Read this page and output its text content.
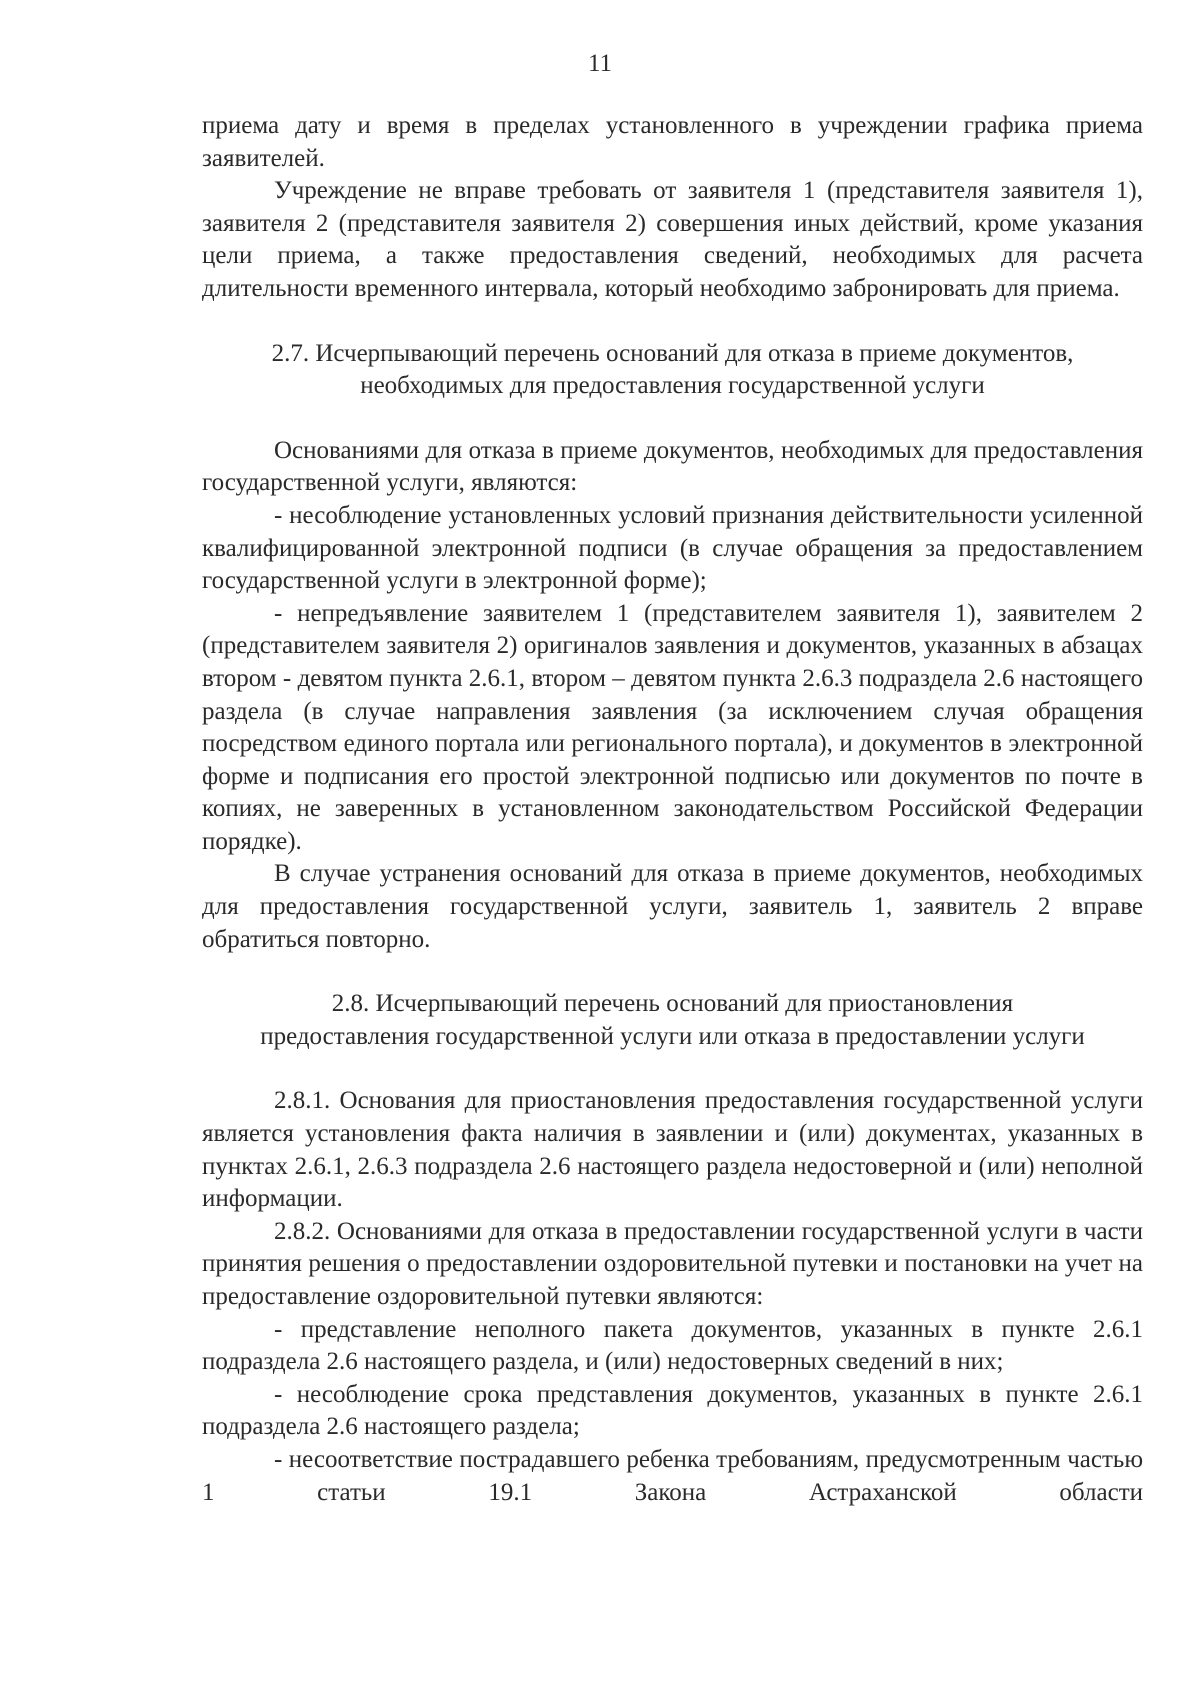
11

приема дату и время в пределах установленного в учреждении графика приема заявителей.

Учреждение не вправе требовать от заявителя 1 (представителя заявителя 1), заявителя 2 (представителя заявителя 2) совершения иных действий, кроме указания цели приема, а также предоставления сведений, необходимых для расчета длительности временного интервала, который необходимо забронировать для приема.

2.7. Исчерпывающий перечень оснований для отказа в приеме документов,

необходимых для предоставления государственной услуги

Основаниями для отказа в приеме документов, необходимых для предоставления государственной услуги, являются:

- несоблюдение установленных условий признания действительности усиленной квалифицированной электронной подписи (в случае обращения за предоставлением государственной услуги в электронной форме);

- непредъявление заявителем 1 (представителем заявителя 1), заявителем 2 (представителем заявителя 2) оригиналов заявления и документов, указанных в абзацах втором - девятом пункта 2.6.1, втором – девятом пункта 2.6.3 подраздела 2.6 настоящего раздела (в случае направления заявления (за исключением случая обращения посредством единого портала или регионального портала), и документов в электронной форме и подписания его простой электронной подписью или документов по почте в копиях, не заверенных в установленном законодательством Российской Федерации порядке).

В случае устранения оснований для отказа в приеме документов, необходимых для предоставления государственной услуги, заявитель 1, заявитель 2 вправе обратиться повторно.

2.8. Исчерпывающий перечень оснований для приостановления

предоставления государственной услуги или отказа в предоставлении услуги

2.8.1. Основания для приостановления предоставления государственной услуги является установления факта наличия в заявлении и (или) документах, указанных в пунктах 2.6.1, 2.6.3 подраздела 2.6 настоящего раздела недостоверной и (или) неполной информации.

2.8.2. Основаниями для отказа в предоставлении государственной услуги в части принятия решения о предоставлении оздоровительной путевки и постановки на учет на предоставление оздоровительной путевки являются:

- представление неполного пакета документов, указанных в пункте 2.6.1 подраздела 2.6 настоящего раздела, и (или) недостоверных сведений в них;

- несоблюдение срока представления документов, указанных в пункте 2.6.1 подраздела 2.6 настоящего раздела;

- несоответствие пострадавшего ребенка требованиям, предусмотренным частью 1 статьи 19.1 Закона Астраханской области
